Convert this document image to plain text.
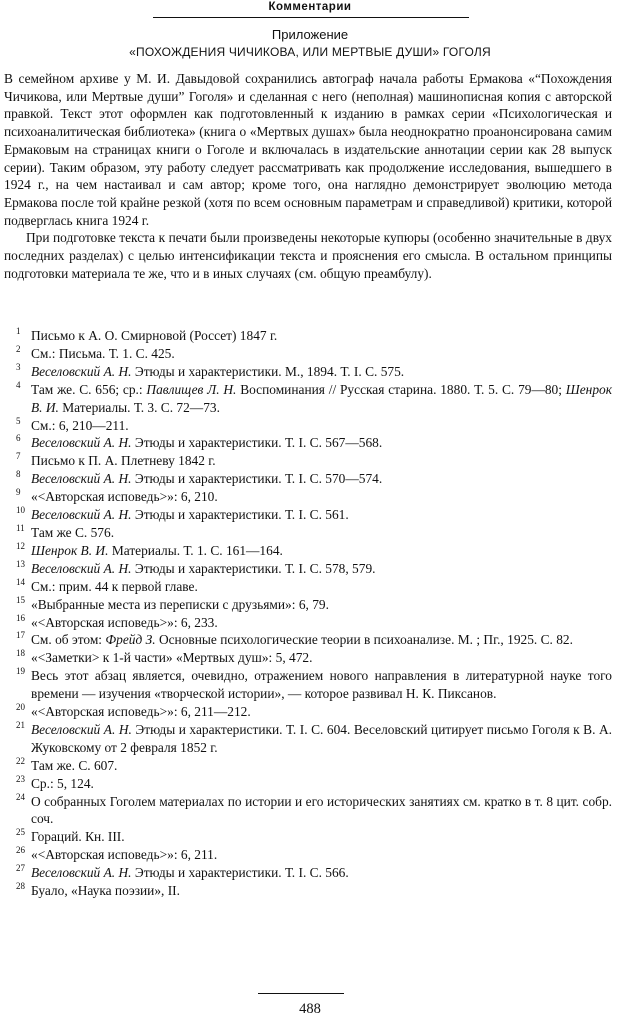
Комментарии
Приложение
«ПОХОЖДЕНИЯ ЧИЧИКОВА, ИЛИ МЕРТВЫЕ ДУШИ» ГОГОЛЯ

В семейном архиве у М. И. Давыдовой сохранились автограф начала работы Ермакова «“Похождения Чичикова, или Мертвые души” Гоголя» и сделанная с него (неполная) машинописная копия с авторской правкой. Текст этот оформлен как подготовленный к изданию в рамках серии «Психологическая и психоаналитическая библиотека» (книга о «Мертвых душах» была неоднократно проанонсирована самим Ермаковым на страницах книги о Гоголе и включалась в издательские аннотации серии как 28 выпуск серии). Таким образом, эту работу следует рассматривать как продолжение исследования, вышедшего в 1924 г., на чем настаивал и сам автор; кроме того, она наглядно демонстрирует эволюцию метода Ермакова после той крайне резкой (хотя по всем основным параметрам и справедливой) критики, которой подверглась книга 1924 г.

При подготовке текста к печати были произведены некоторые купюры (особенно значительные в двух последних разделах) с целью интенсификации текста и прояснения его смысла. В остальном принципы подготовки материала те же, что и в иных случаях (см. общую преамбулу).

1 Письмо к А. О. Смирновой (Россет) 1847 г.
2 См.: Письма. Т. 1. С. 425.
3 Веселовский А. Н. Этюды и характеристики. М., 1894. Т. I. С. 575.
4 Там же. С. 656; ср.: Павлищев Л. Н. Воспоминания // Русская старина. 1880. Т. 5. С. 79—80; Шенрок В. И. Материалы. Т. 3. С. 72—73.
5 См.: 6, 210—211.
6 Веселовский А. Н. Этюды и характеристики. Т. I. С. 567—568.
7 Письмо к П. А. Плетневу 1842 г.
8 Веселовский А. Н. Этюды и характеристики. Т. I. С. 570—574.
9 «<Авторская исповедь>»: 6, 210.
10 Веселовский А. Н. Этюды и характеристики. Т. I. С. 561.
11 Там же С. 576.
12 Шенрок В. И. Материалы. Т. 1. С. 161—164.
13 Веселовский А. Н. Этюды и характеристики. Т. I. С. 578, 579.
14 См.: прим. 44 к первой главе.
15 «Выбранные места из переписки с друзьями»: 6, 79.
16 «<Авторская исповедь>»: 6, 233.
17 См. об этом: Фрейд З. Основные психологические теории в психоанализе. М. ; Пг., 1925. С. 82.
18 «<Заметки> к 1-й части» «Мертвых душ»: 5, 472.
19 Весь этот абзац является, очевидно, отражением нового направления в литературной науке того времени — изучения «творческой истории», — которое развивал Н. К. Пиксанов.
20 «<Авторская исповедь>»: 6, 211—212.
21 Веселовский А. Н. Этюды и характеристики. Т. I. С. 604. Веселовский цитирует письмо Гоголя к В. А. Жуковскому от 2 февраля 1852 г.
22 Там же. С. 607.
23 Ср.: 5, 124.
24 О собранных Гоголем материалах по истории и его исторических занятиях см. кратко в т. 8 цит. собр. соч.
25 Гораций. Кн. III.
26 «<Авторская исповедь>»: 6, 211.
27 Веселовский А. Н. Этюды и характеристики. Т. I. С. 566.
28 Буало, «Наука поэзии», II.
488
